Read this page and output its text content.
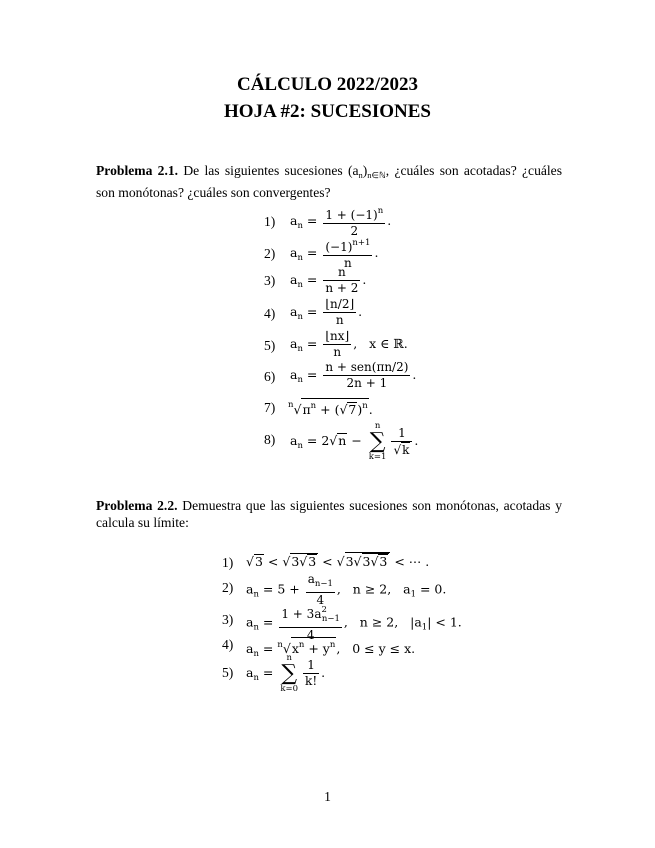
CÁLCULO 2022/2023
HOJA #2: SUCESIONES
Problema 2.1. De las siguientes sucesiones $(a_n)_{n\in ℕ}$, ¿cuáles son acotadas? ¿cuáles son monótonas? ¿cuáles son convergentes?
1)
2)
3)
4)
5)
6)
7)
8)
$a_n = \frac{1 + (-1)^n}{2}$ .
$a_n = \frac{(-1)^{n+1}}{n}$ .
$a_n = \frac{n}{n + 2}$ .
$a_n = \frac{⌊n/2⌋}{n}$ .
$a_n = \frac{⌊nx⌋}{n}$ ,   x ∈ ℝ.
$a_n = \frac{\text{n + sen(πn/2)}}{2n + 1}$ .
$^n√\pi^n + (√7)^n$.
$a_n = 2√n$ −
n
∑
$k=1 \frac{1}{√k}$ .
Problema 2.2. Demuestra que las siguientes sucesiones son monótonas, acotadas y calcula su límite:
1)
2)
3)
4)
5)
√3 < √3√3 < √3√3√3 < ⋯ .
$a_n = 5 + \frac{a_{n-1}}{4}$ ,   n ≥ 2,   $a_1 = 0$.
$a_n = \frac{1 + 3a^2_{n-1}}{4}$ ,   n ≥ 2,   $|a_1| < 1$.
$a_n = ^n√x^n + y^n$,   0 ≤ y ≤ x.
$a_n$ =
n
∑
$k=0 \frac{1}{k!}$ .
1
